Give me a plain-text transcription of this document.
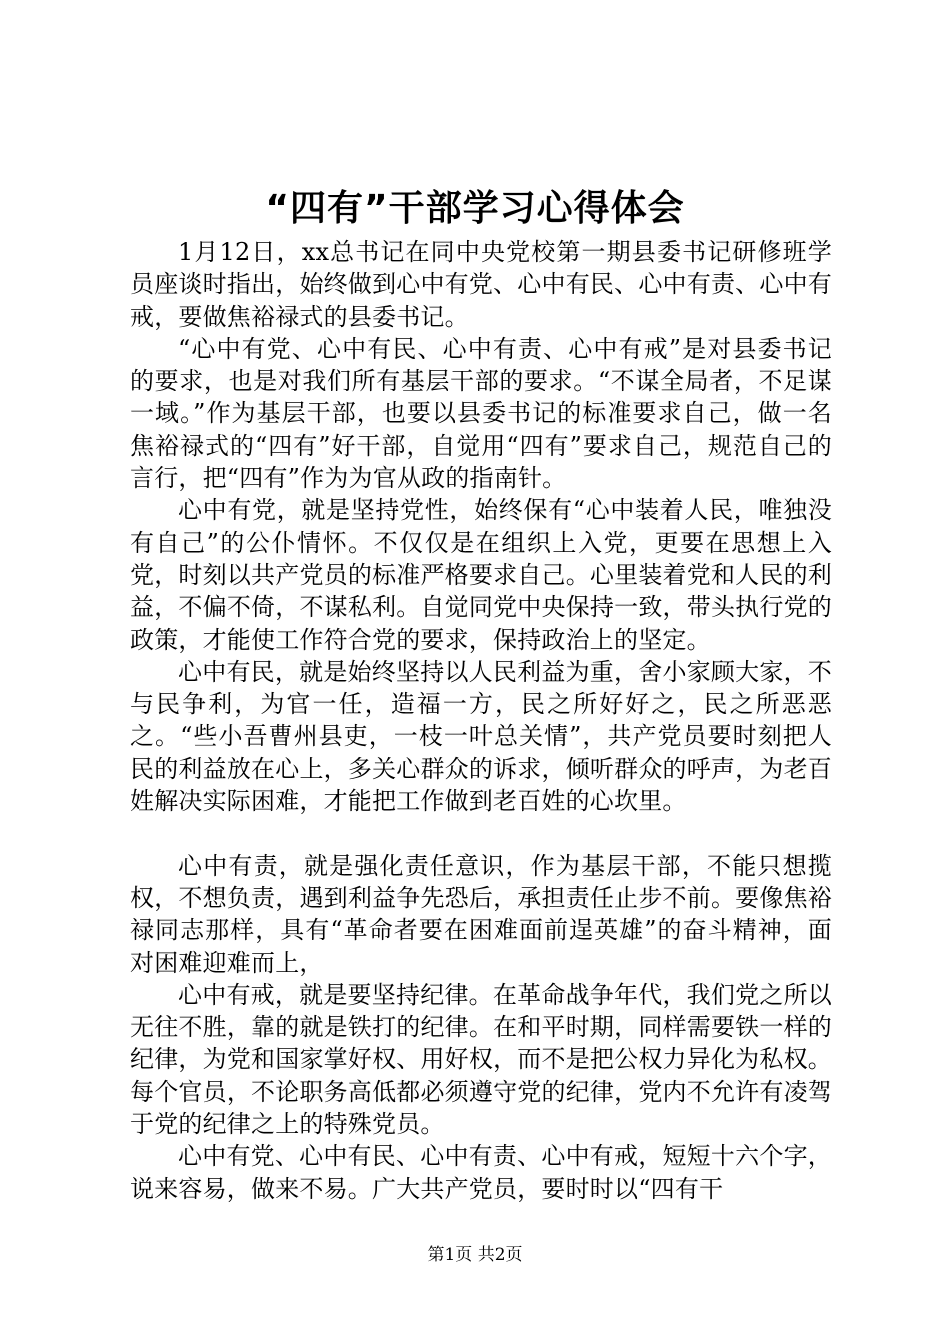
“四有”干部学习心得体会

1月12日，xx总书记在同中央党校第一期县委书记研修班学员座谈时指出，始终做到心中有党、心中有民、心中有责、心中有戒，要做焦裕禄式的县委书记。

“心中有党、心中有民、心中有责、心中有戒”是对县委书记的要求，也是对我们所有基层干部的要求。“不谋全局者，不足谋一域。”作为基层干部，也要以县委书记的标准要求自己，做一名焦裕禄式的“四有”好干部，自觉用“四有”要求自己，规范自己的言行，把“四有”作为为官从政的指南针。

心中有党，就是坚持党性，始终保有“心中装着人民，唯独没有自己”的公仆情怀。不仅仅是在组织上入党，更要在思想上入党，时刻以共产党员的标准严格要求自己。心里装着党和人民的利益，不偏不倚，不谋私利。自觉同党中央保持一致，带头执行党的政策，才能使工作符合党的要求，保持政治上的坚定。

心中有民，就是始终坚持以人民利益为重，舍小家顾大家，不与民争利，为官一任，造福一方，民之所好好之，民之所恶恶之。“些小吾曹州县吏，一枝一叶总关情”，共产党员要时刻把人民的利益放在心上，多关心群众的诉求，倾听群众的呼声，为老百姓解决实际困难，才能把工作做到老百姓的心坎里。

心中有责，就是强化责任意识，作为基层干部，不能只想揽权，不想负责，遇到利益争先恐后，承担责任止步不前。要像焦裕禄同志那样，具有“革命者要在困难面前逞英雄”的奋斗精神，面对困难迎难而上，

心中有戒，就是要坚持纪律。在革命战争年代，我们党之所以无往不胜，靠的就是铁打的纪律。在和平时期，同样需要铁一样的纪律，为党和国家掌好权、用好权，而不是把公权力异化为私权。每个官员，不论职务高低都必须遵守党的纪律，党内不允许有凌驾于党的纪律之上的特殊党员。

心中有党、心中有民、心中有责、心中有戒，短短十六个字，说来容易，做来不易。广大共产党员，要时时以“四有干

第1页 共2页
